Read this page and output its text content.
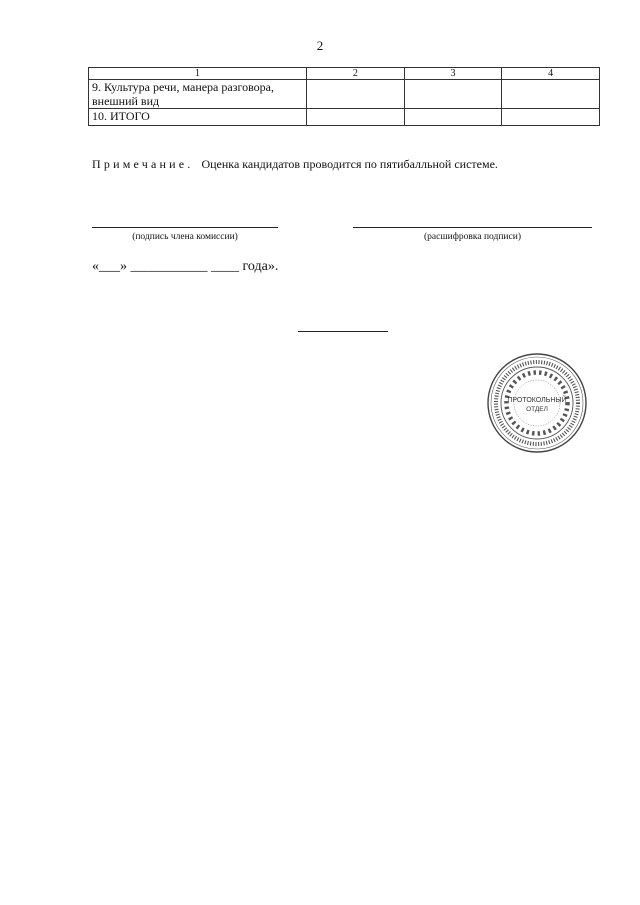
2
1	2	3	4
9. Культура речи, манера разговора, внешний вид			
10. ИТОГО			
Примечание. Оценка кандидатов проводится по пятибалльной системе.
(подпись члена комиссии)	(расшифровка подписи)
«___» ___________ ____ года».
ПРОТОКОЛЬНЫЙ
ОТДЕЛ
